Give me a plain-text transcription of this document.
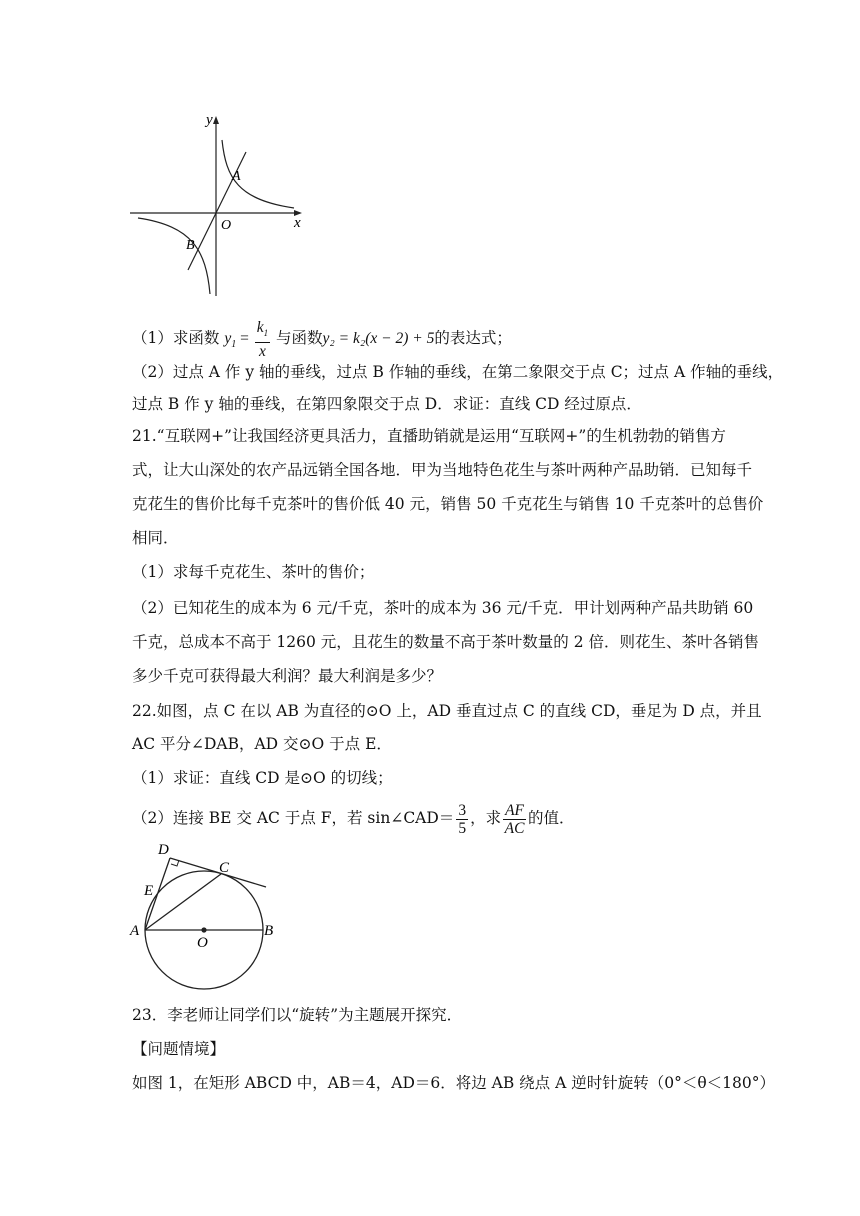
y
x
O
A
B
（1）求函数 $y_1 = \frac{k_1}{x}$ 与函数y₂ = k₂(x − 2) + 5的表达式；
（2）过点 A 作 y 轴的垂线，过点 B 作轴的垂线，在第二象限交于点 C；过点 A 作轴的垂线，
过点 B 作 y 轴的垂线，在第四象限交于点 D．求证：直线 CD 经过原点．
21.“互联网+”让我国经济更具活力，直播助销就是运用“互联网+”的生机勃勃的销售方
式，让大山深处的农产品远销全国各地．甲为当地特色花生与茶叶两种产品助销．已知每千
克花生的售价比每千克茶叶的售价低 40 元，销售 50 千克花生与销售 10 千克茶叶的总售价
相同．
（1）求每千克花生、茶叶的售价；
（2）已知花生的成本为 6 元/千克，茶叶的成本为 36 元/千克．甲计划两种产品共助销 60
千克，总成本不高于 1260 元，且花生的数量不高于茶叶数量的 2 倍．则花生、茶叶各销售
多少千克可获得最大利润？最大利润是多少？
22.如图，点 C 在以 AB 为直径的⊙O 上，AD 垂直过点 C 的直线 CD，垂足为 D 点，并且
AC 平分∠DAB，AD 交⊙O 于点 E．
（1）求证：直线 CD 是⊙O 的切线；
（2）连接 BE 交 AC 于点 F，若 sin∠CAD＝ $\frac{3}{5}$ ，求 $\frac{AF}{AC}$ 的值．
D
C
E
A
O
B
23．李老师让同学们以“旋转”为主题展开探究．
【问题情境】
如图 1，在矩形 ABCD 中，AB＝4，AD＝6．将边 AB 绕点 A 逆时针旋转（0°＜θ＜180°）
